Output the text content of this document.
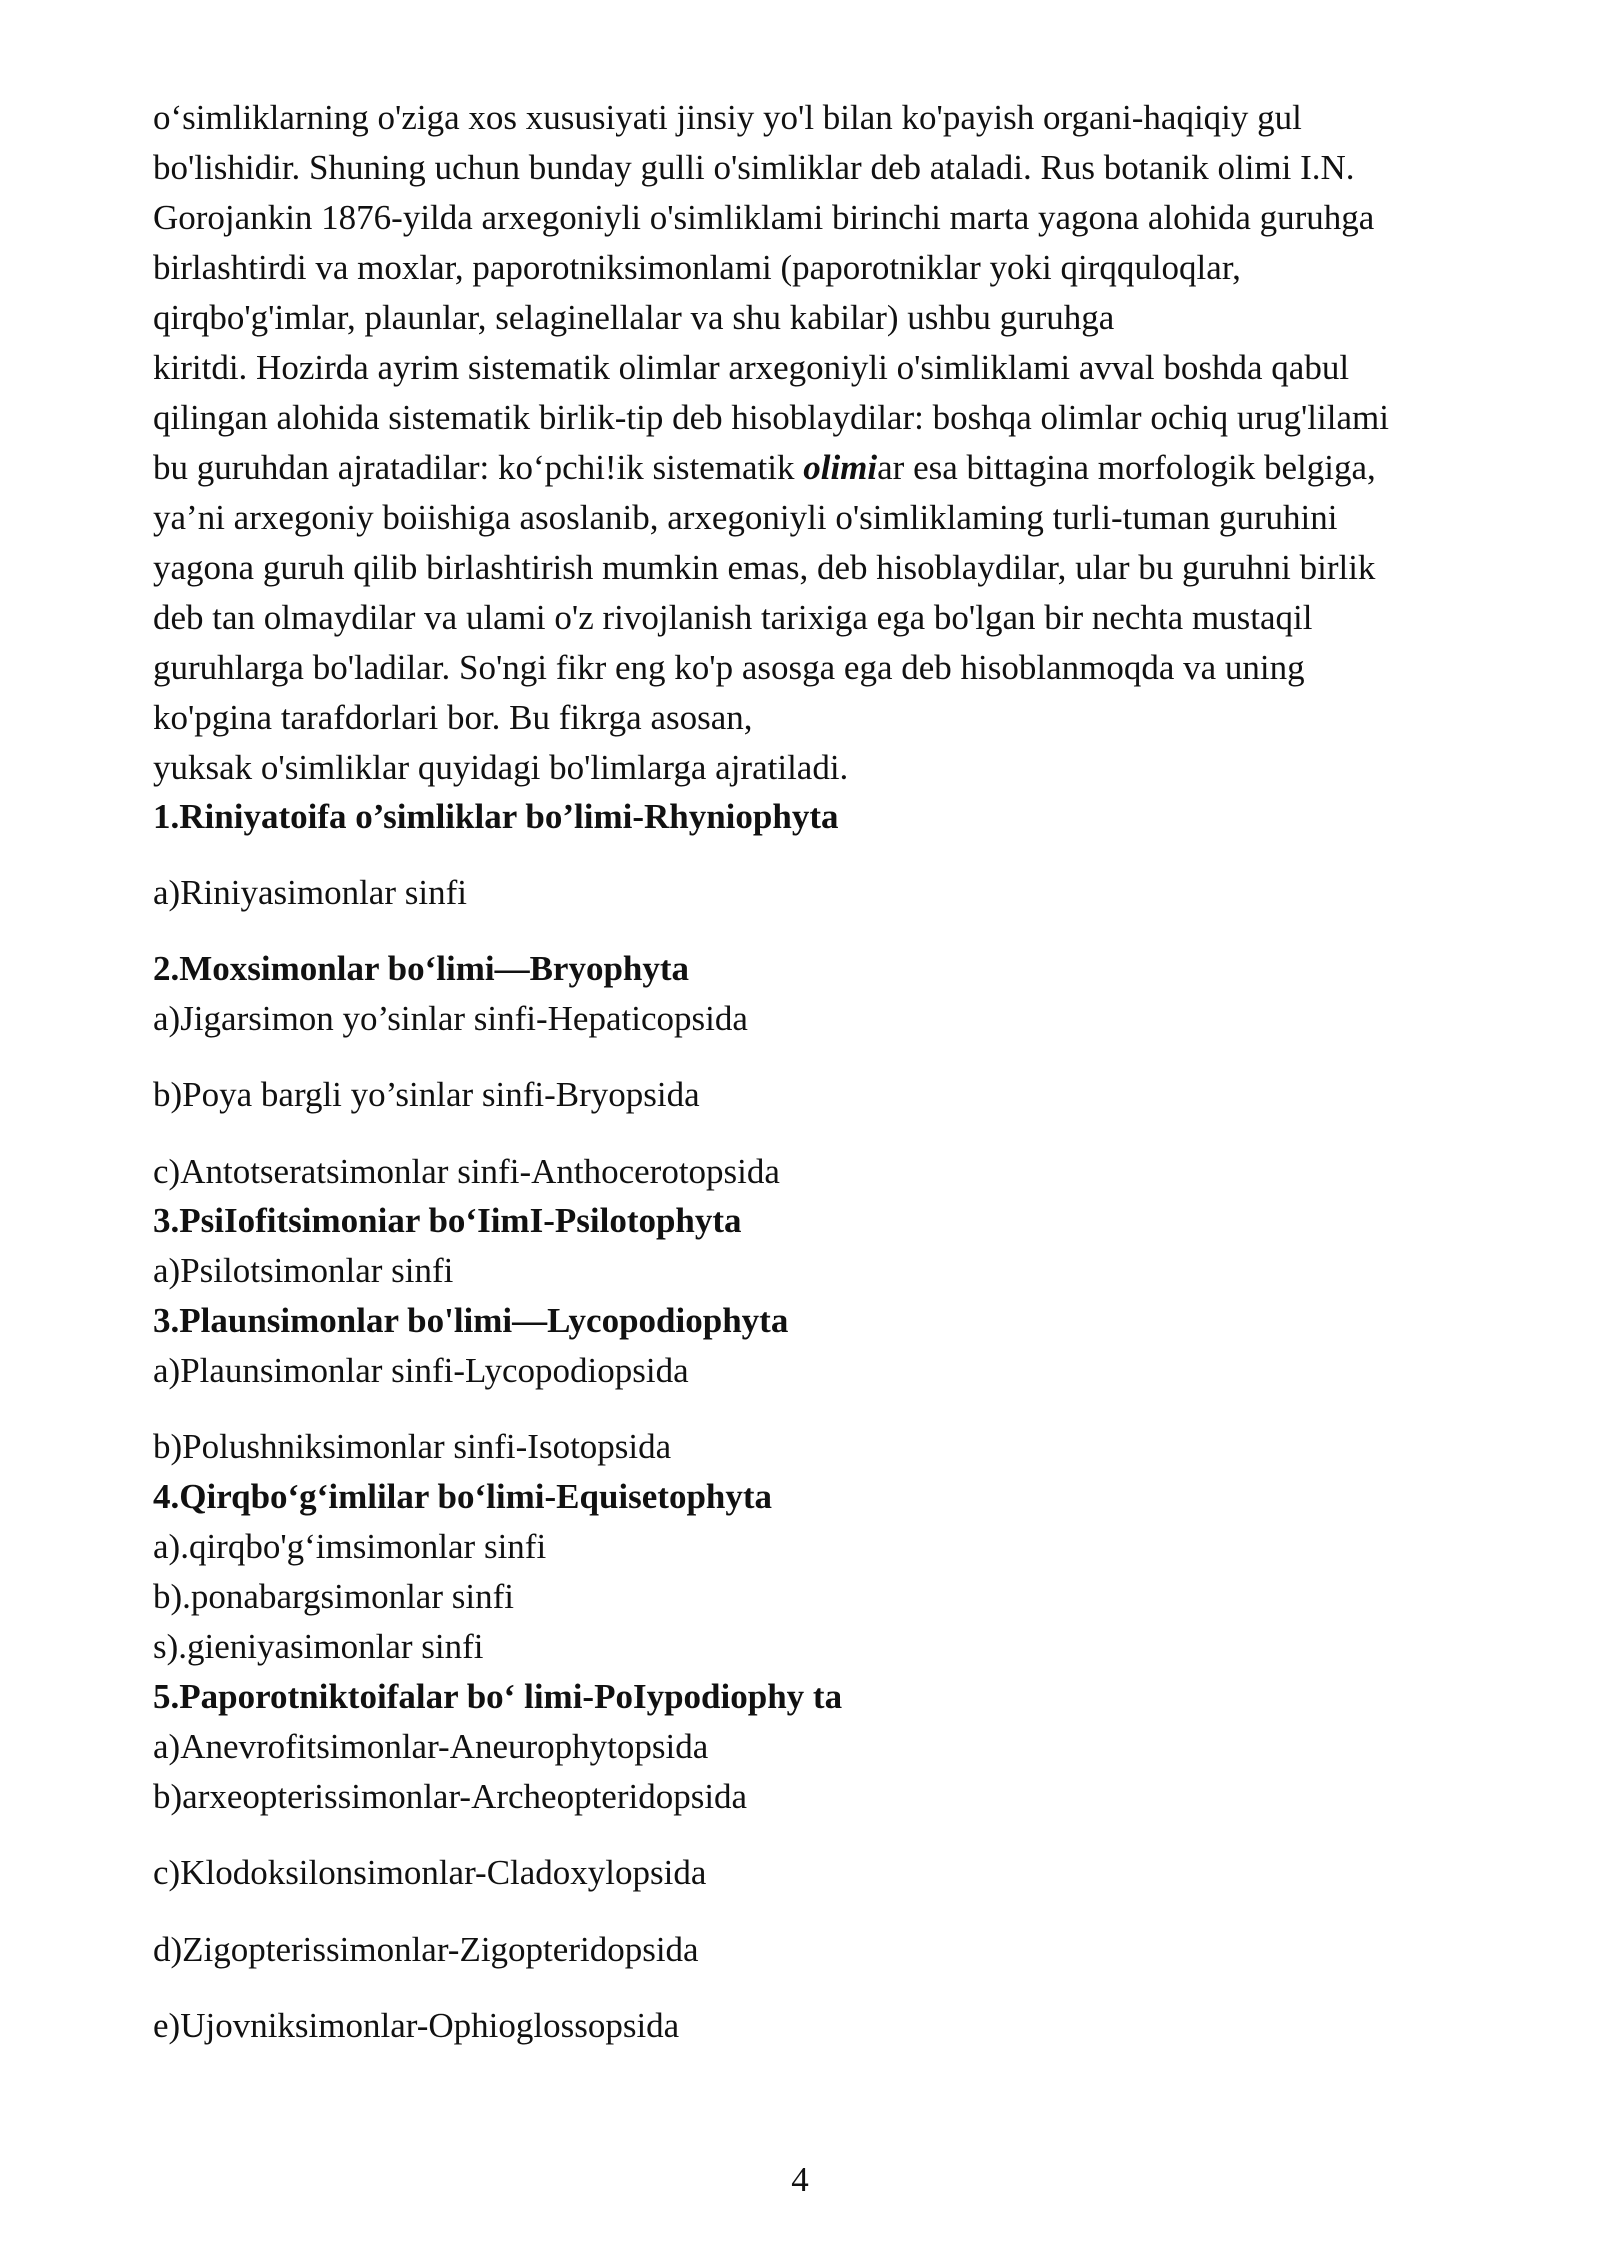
o‘simliklarning o'ziga xos xususiyati jinsiy yo'l bilan ko'payish organi-haqiqiy gul
bo'lishidir. Shuning uchun bunday gulli o'simliklar deb ataladi. Rus botanik olimi I.N.
Gorojankin 1876-yilda arxegoniyli o'simliklami birinchi marta yagona alohida guruhga
birlashtirdi va moxlar, paporotniksimonlami (paporotniklar yoki qirqquloqlar,
qirqbo'g'imlar, plaunlar, selaginellalar va shu kabilar) ushbu guruhga
kiritdi. Hozirda ayrim sistematik olimlar arxegoniyli o'simliklami avval boshda qabul
qilingan alohida sistematik birlik-tip deb hisoblaydilar: boshqa olimlar ochiq urug'lilami
bu guruhdan ajratadilar: ko‘pchi!ik sistematik olimiar esa bittagina morfologik belgiga,
ya’ni arxegoniy boiishiga asoslanib, arxegoniyli o'simliklaming turli-tuman guruhini
yagona guruh qilib birlashtirish mumkin emas, deb hisoblaydilar, ular bu guruhni birlik
deb tan olmaydilar va ulami o'z rivojlanish tarixiga ega bo'lgan bir nechta mustaqil
guruhlarga bo'ladilar. So'ngi fikr eng ko'p asosga ega deb hisoblanmoqda va uning
ko'pgina tarafdorlari bor. Bu fikrga asosan,
yuksak o'simliklar quyidagi bo'limlarga ajratiladi.
1.Riniyatoifa o’simliklar bo’limi-Rhyniophyta
a)Riniyasimonlar sinfi
2.Moxsimonlar bo‘limi—Bryophyta
a)Jigarsimon yo’sinlar sinfi-Hepaticopsida
b)Poya bargli yo’sinlar sinfi-Bryopsida
c)Antotseratsimonlar sinfi-Anthocerotopsida
3.PsiIofitsimoniar bo‘IimI-Psilotophyta
a)Psilotsimonlar sinfi
3.Plaunsimonlar bo'limi—Lycopodiophyta
a)Plaunsimonlar sinfi-Lycopodiopsida
b)Polushniksimonlar sinfi-Isotopsida
4.Qirqbo‘g‘imlilar bo‘limi-Equisetophyta
a).qirqbo'g‘imsimonlar sinfi
b).ponabargsimonlar sinfi
s).gieniyasimonlar sinfi
5.Paporotniktoifalar bo‘ limi-PoIypodiophy ta
a)Anevrofitsimonlar-Aneurophytopsida
b)arxeopterissimonlar-Archeopteridopsida
c)Klodoksilonsimonlar-Cladoxylopsida
d)Zigopterissimonlar-Zigopteridopsida
e)Ujovniksimonlar-Ophioglossopsida
4
